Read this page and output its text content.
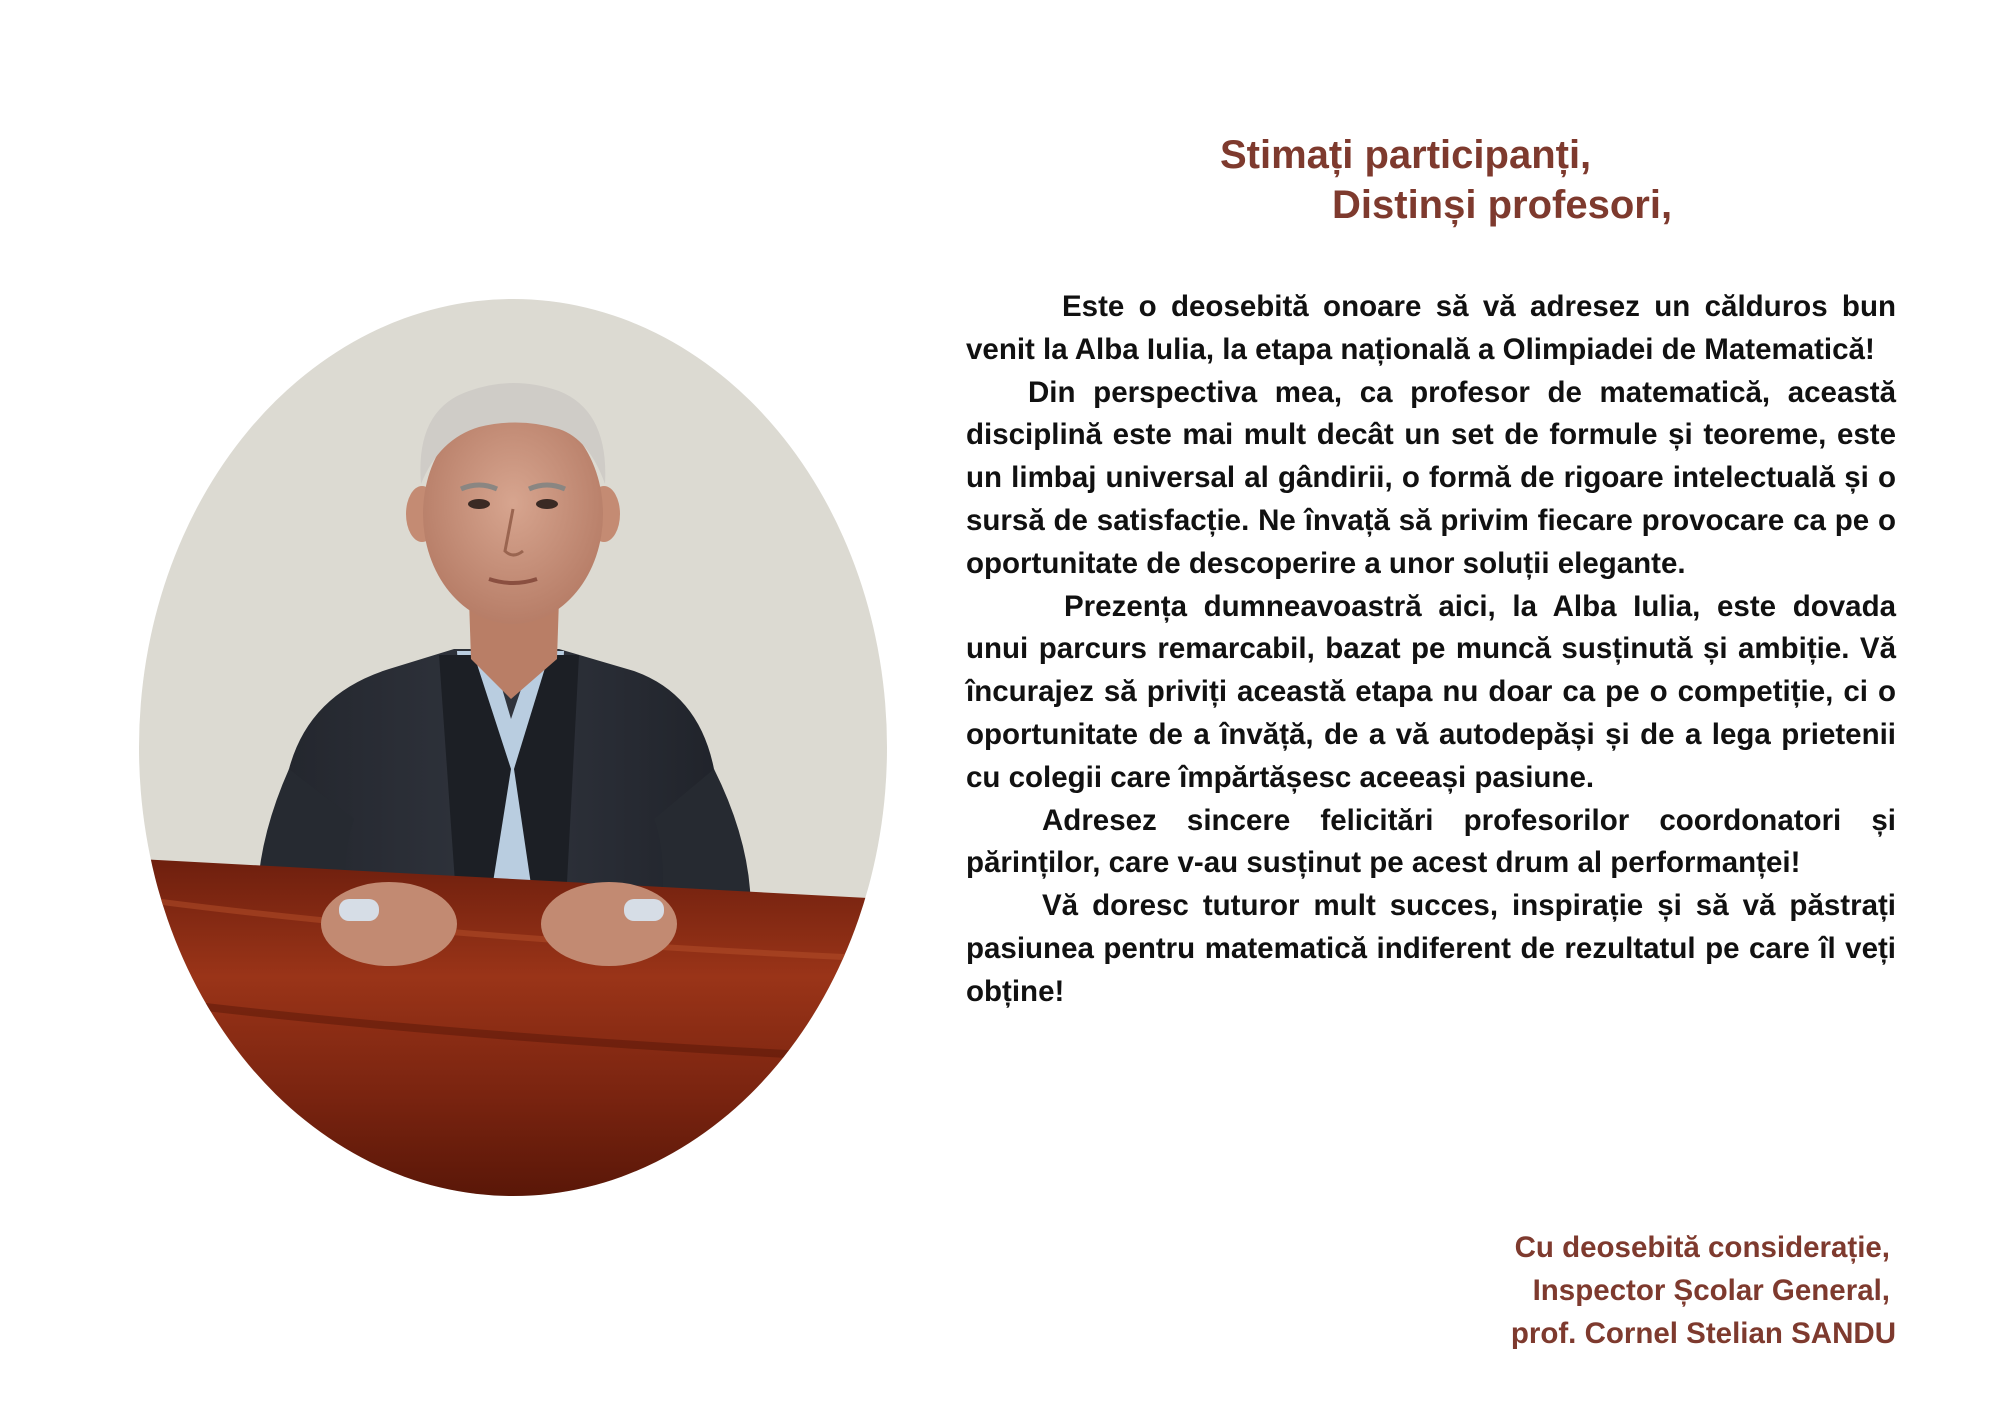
Stimați participanți,
Distinși profesori,

Este o deosebită onoare să vă adresez un călduros bun venit la Alba Iulia, la etapa națională a Olimpiadei de Matematică!

Din perspectiva mea, ca profesor de matematică, această disciplină este mai mult decât un set de formule și teoreme, este un limbaj universal al gândirii, o formă de rigoare intelectuală și o sursă de satisfacție. Ne învață să privim fiecare provocare ca pe o oportunitate de descoperire a unor soluții elegante.

Prezența dumneavoastră aici, la Alba Iulia, este dovada unui parcurs remarcabil, bazat pe muncă susținută și ambiție. Vă încurajez să priviți această etapa nu doar ca pe o competiție, ci o oportunitate de a învăță, de a vă autodepăși și de a lega prietenii cu colegii care împărtășesc aceeași pasiune.

Adresez sincere felicitări profesorilor coordonatori și părinților, care v-au susținut pe acest drum al performanței!

Vă doresc tuturor mult succes, inspirație și să vă păstrați pasiunea pentru matematică indiferent de rezultatul pe care îl veți obține!

Cu deosebită considerație,
Inspector Școlar General,
prof. Cornel Stelian SANDU
